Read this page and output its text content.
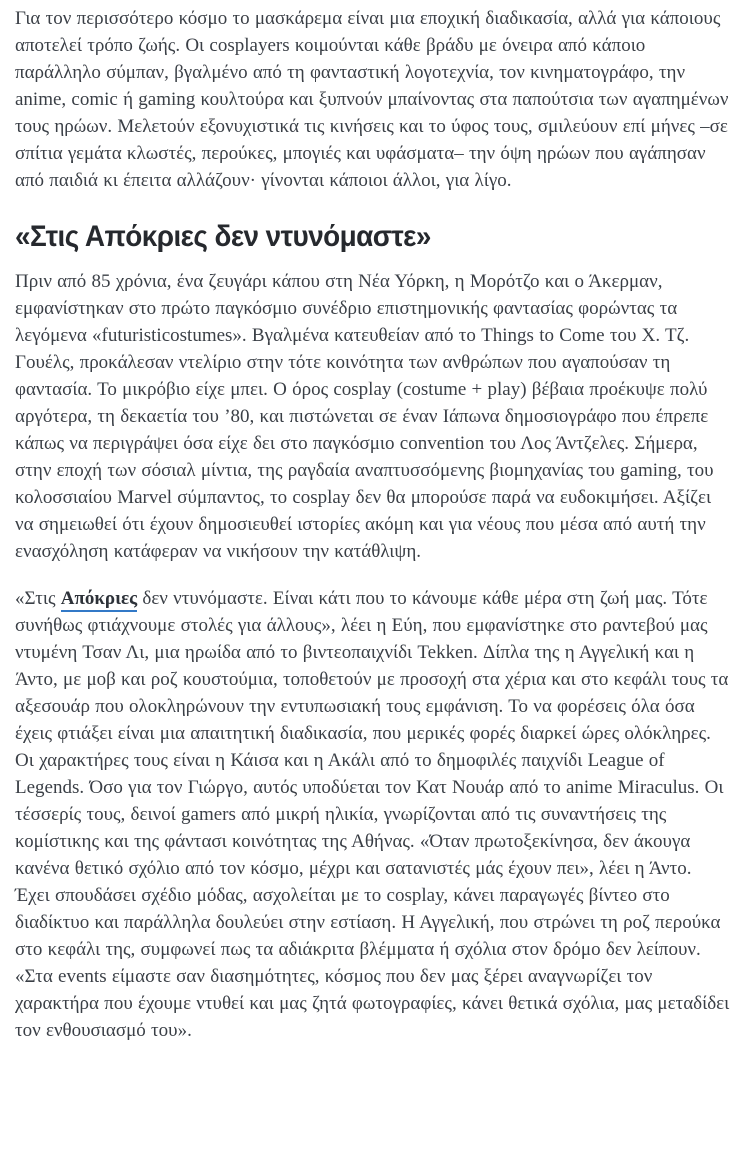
Για τον περισσότερο κόσμο το μασκάρεμα είναι μια εποχική διαδικασία, αλλά για κάποιους αποτελεί τρόπο ζωής. Οι cosplayers κοιμούνται κάθε βράδυ με όνειρα από κάποιο παράλληλο σύμπαν, βγαλμένο από τη φανταστική λογοτεχνία, τον κινηματογράφο, την anime, comic ή gaming κουλτούρα και ξυπνούν μπαίνοντας στα παπούτσια των αγαπημένων τους ηρώων. Μελετούν εξονυχιστικά τις κινήσεις και το ύφος τους, σμιλεύουν επί μήνες –σε σπίτια γεμάτα κλωστές, περούκες, μπογιές και υφάσματα– την όψη ηρώων που αγάπησαν από παιδιά κι έπειτα αλλάζουν· γίνονται κάποιοι άλλοι, για λίγο.

«Στις Απόκριες δεν ντυνόμαστε»

Πριν από 85 χρόνια, ένα ζευγάρι κάπου στη Νέα Υόρκη, η Μορότζο και ο Άκερμαν, εμφανίστηκαν στο πρώτο παγκόσμιο συνέδριο επιστημονικής φαντασίας φορώντας τα λεγόμενα «futuristicostumes». Βγαλμένα κατευθείαν από το Things to Come του Χ. Τζ. Γουέλς, προκάλεσαν ντελίριο στην τότε κοινότητα των ανθρώπων που αγαπούσαν τη φαντασία. Το μικρόβιο είχε μπει. Ο όρος cosplay (costume + play) βέβαια προέκυψε πολύ αργότερα, τη δεκαετία του ’80, και πιστώνεται σε έναν Ιάπωνα δημοσιογράφο που έπρεπε κάπως να περιγράψει όσα είχε δει στο παγκόσμιο convention του Λος Άντζελες. Σήμερα, στην εποχή των σόσιαλ μίντια, της ραγδαία αναπτυσσόμενης βιομηχανίας του gaming, του κολοσσιαίου Marvel σύμπαντος, το cosplay δεν θα μπορούσε παρά να ευδοκιμήσει. Αξίζει να σημειωθεί ότι έχουν δημοσιευθεί ιστορίες ακόμη και για νέους που μέσα από αυτή την ενασχόληση κατάφεραν να νικήσουν την κατάθλιψη.

«Στις Απόκριες δεν ντυνόμαστε. Είναι κάτι που το κάνουμε κάθε μέρα στη ζωή μας. Τότε συνήθως φτιάχνουμε στολές για άλλους», λέει η Εύη, που εμφανίστηκε στο ραντεβού μας ντυμένη Τσαν Λι, μια ηρωίδα από το βιντεοπαιχνίδι Tekken. Δίπλα της η Αγγελική και η Άντο, με μοβ και ροζ κουστούμια, τοποθετούν με προσοχή στα χέρια και στο κεφάλι τους τα αξεσουάρ που ολοκληρώνουν την εντυπωσιακή τους εμφάνιση. Το να φορέσεις όλα όσα έχεις φτιάξει είναι μια απαιτητική διαδικασία, που μερικές φορές διαρκεί ώρες ολόκληρες. Οι χαρακτήρες τους είναι η Κάισα και η Ακάλι από το δημοφιλές παιχνίδι League of Legends. Όσο για τον Γιώργο, αυτός υποδύεται τον Κατ Νουάρ από το anime Miraculus. Οι τέσσερίς τους, δεινοί gamers από μικρή ηλικία, γνωρίζονται από τις συναντήσεις της κομίστικης και της φάντασι κοινότητας της Αθήνας. «Όταν πρωτοξεκίνησα, δεν άκουγα κανένα θετικό σχόλιο από τον κόσμο, μέχρι και σατανιστές μάς έχουν πει», λέει η Άντο. Έχει σπουδάσει σχέδιο μόδας, ασχολείται με το cosplay, κάνει παραγωγές βίντεο στο διαδίκτυο και παράλληλα δουλεύει στην εστίαση. Η Αγγελική, που στρώνει τη ροζ περούκα στο κεφάλι της, συμφωνεί πως τα αδιάκριτα βλέμματα ή σχόλια στον δρόμο δεν λείπουν. «Στα events είμαστε σαν διασημότητες, κόσμος που δεν μας ξέρει αναγνωρίζει τον χαρακτήρα που έχουμε ντυθεί και μας ζητά φωτογραφίες, κάνει θετικά σχόλια, μας μεταδίδει τον ενθουσιασμό του».
